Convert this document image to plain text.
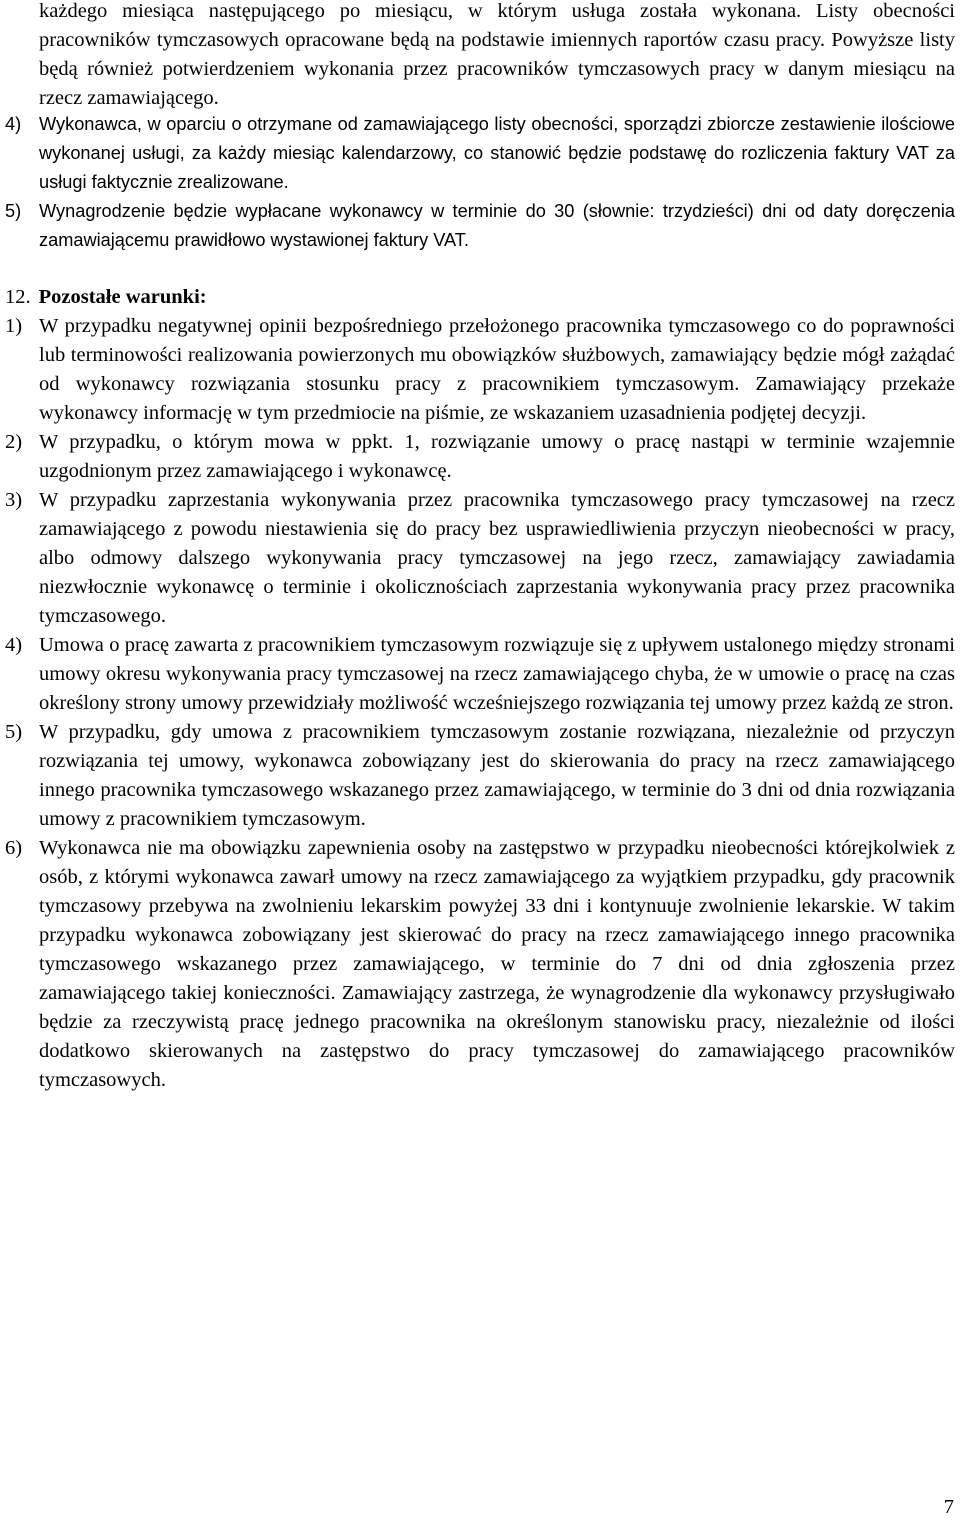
każdego miesiąca następującego po miesiącu, w którym usługa została wykonana. Listy obecności pracowników tymczasowych opracowane będą na podstawie imiennych raportów czasu pracy. Powyższe listy będą również potwierdzeniem wykonania przez pracowników tymczasowych pracy w danym miesiącu na rzecz zamawiającego.

4) Wykonawca, w oparciu o otrzymane od zamawiającego listy obecności, sporządzi zbiorcze zestawienie ilościowe wykonanej usługi, za każdy miesiąc kalendarzowy, co stanowić będzie podstawę do rozliczenia faktury VAT za usługi faktycznie zrealizowane.
5) Wynagrodzenie będzie wypłacane wykonawcy w terminie do 30 (słownie: trzydzieści) dni od daty doręczenia zamawiającemu prawidłowo wystawionej faktury VAT.

12. Pozostałe warunki:

1) W przypadku negatywnej opinii bezpośredniego przełożonego pracownika tymczasowego co do poprawności lub terminowości realizowania powierzonych mu obowiązków służbowych, zamawiający będzie mógł zażądać od wykonawcy rozwiązania stosunku pracy z pracownikiem tymczasowym. Zamawiający przekaże wykonawcy informację w tym przedmiocie na piśmie, ze wskazaniem uzasadnienia podjętej decyzji.
2) W przypadku, o którym mowa w ppkt. 1, rozwiązanie umowy o pracę nastąpi w terminie wzajemnie uzgodnionym przez zamawiającego i wykonawcę.
3) W przypadku zaprzestania wykonywania przez pracownika tymczasowego pracy tymczasowej na rzecz zamawiającego z powodu niestawienia się do pracy bez usprawiedliwienia przyczyn nieobecności w pracy, albo odmowy dalszego wykonywania pracy tymczasowej na jego rzecz, zamawiający zawiadamia niezwłocznie wykonawcę o terminie i okolicznościach zaprzestania wykonywania pracy przez pracownika tymczasowego.
4) Umowa o pracę zawarta z pracownikiem tymczasowym rozwiązuje się z upływem ustalonego między stronami umowy okresu wykonywania pracy tymczasowej na rzecz zamawiającego chyba, że w umowie o pracę na czas określony strony umowy przewidziały możliwość wcześniejszego rozwiązania tej umowy przez każdą ze stron.
5) W przypadku, gdy umowa z pracownikiem tymczasowym zostanie rozwiązana, niezależnie od przyczyn rozwiązania tej umowy, wykonawca zobowiązany jest do skierowania do pracy na rzecz zamawiającego innego pracownika tymczasowego wskazanego przez zamawiającego, w terminie do 3 dni od dnia rozwiązania umowy z pracownikiem tymczasowym.
6) Wykonawca nie ma obowiązku zapewnienia osoby na zastępstwo w przypadku nieobecności którejkolwiek z osób, z którymi wykonawca zawarł umowy na rzecz zamawiającego za wyjątkiem przypadku, gdy pracownik tymczasowy przebywa na zwolnieniu lekarskim powyżej 33 dni i kontynuuje zwolnienie lekarskie. W takim przypadku wykonawca zobowiązany jest skierować do pracy na rzecz zamawiającego innego pracownika tymczasowego wskazanego przez zamawiającego, w terminie do 7 dni od dnia zgłoszenia przez zamawiającego takiej konieczności. Zamawiający zastrzega, że wynagrodzenie dla wykonawcy przysługiwało będzie za rzeczywistą pracę jednego pracownika na określonym stanowisku pracy, niezależnie od ilości dodatkowo skierowanych na zastępstwo do pracy tymczasowej do zamawiającego pracowników tymczasowych.
7
